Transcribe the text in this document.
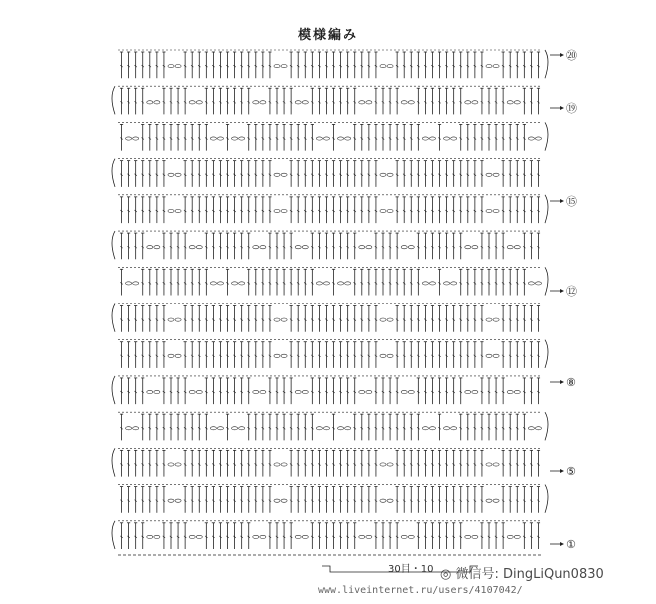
模様編み
⑳
⑲
⑮
⑫
⑧
⑤
①
30目・10 ◎ 微信号: DingLiQun0830
www.liveinternet.ru/users/4107042/
